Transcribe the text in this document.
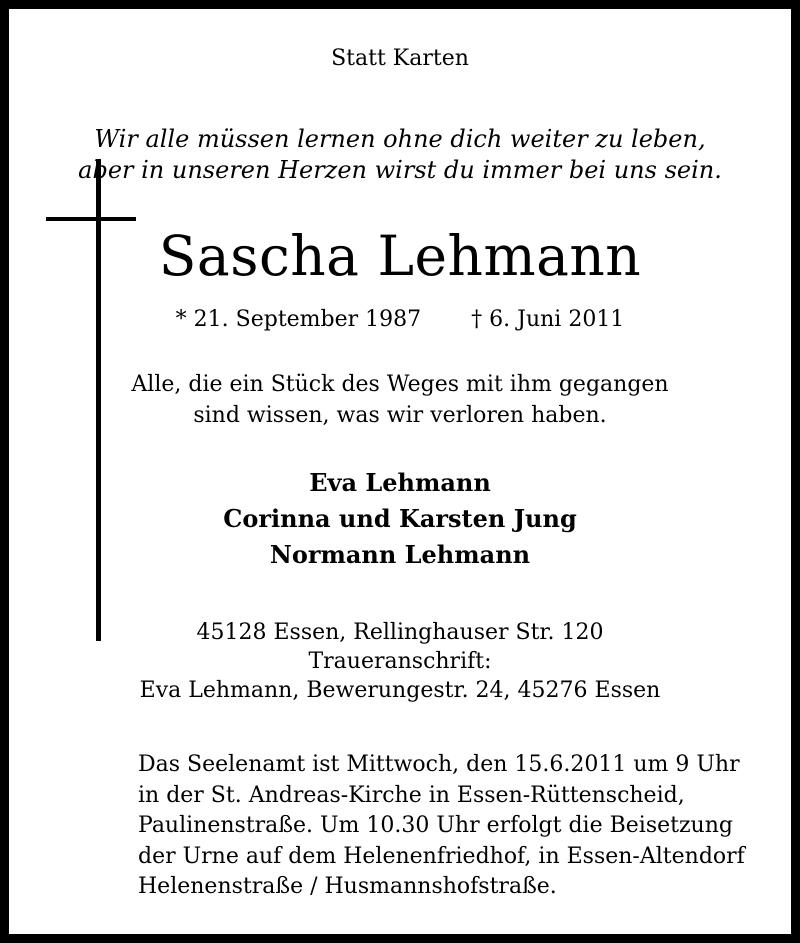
Statt Karten
Wir alle müssen lernen ohne dich weiter zu leben,
aber in unseren Herzen wirst du immer bei uns sein.
Sascha Lehmann
* 21. September 1987 † 6. Juni 2011
Alle, die ein Stück des Weges mit ihm gegangen
sind wissen, was wir verloren haben.
Eva Lehmann
Corinna und Karsten Jung
Normann Lehmann
45128 Essen, Rellinghauser Str. 120
Traueranschrift:
Eva Lehmann, Bewerungestr. 24, 45276 Essen
Das Seelenamt ist Mittwoch, den 15.6.2011 um 9 Uhr
in der St. Andreas-Kirche in Essen-Rüttenscheid,
Paulinenstraße. Um 10.30 Uhr erfolgt die Beisetzung
der Urne auf dem Helenenfriedhof, in Essen-Altendorf
Helenenstraße / Husmannshofstraße.
